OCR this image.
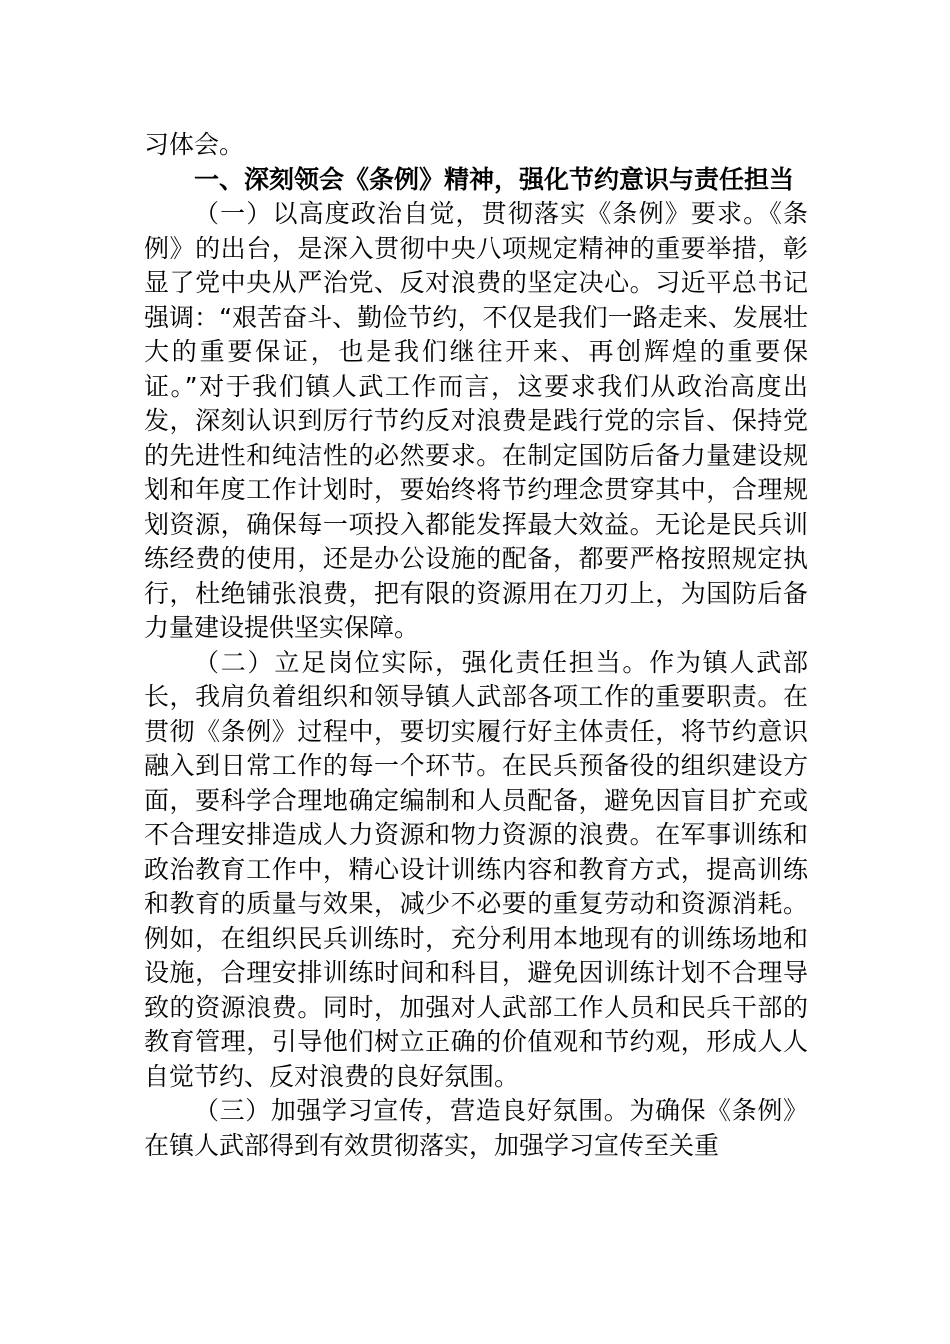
习体会。

一、深刻领会《条例》精神，强化节约意识与责任担当

（一）以高度政治自觉，贯彻落实《条例》要求。《条例》的出台，是深入贯彻中央八项规定精神的重要举措，彰显了党中央从严治党、反对浪费的坚定决心。习近平总书记强调：“艰苦奋斗、勤俭节约，不仅是我们一路走来、发展壮大的重要保证，也是我们继往开来、再创辉煌的重要保证。”对于我们镇人武工作而言，这要求我们从政治高度出发，深刻认识到厉行节约反对浪费是践行党的宗旨、保持党的先进性和纯洁性的必然要求。在制定国防后备力量建设规划和年度工作计划时，要始终将节约理念贯穿其中，合理规划资源，确保每一项投入都能发挥最大效益。无论是民兵训练经费的使用，还是办公设施的配备，都要严格按照规定执行，杜绝铺张浪费，把有限的资源用在刀刃上，为国防后备力量建设提供坚实保障。

（二）立足岗位实际，强化责任担当。作为镇人武部长，我肩负着组织和领导镇人武部各项工作的重要职责。在贯彻《条例》过程中，要切实履行好主体责任，将节约意识融入到日常工作的每一个环节。在民兵预备役的组织建设方面，要科学合理地确定编制和人员配备，避免因盲目扩充或不合理安排造成人力资源和物力资源的浪费。在军事训练和政治教育工作中，精心设计训练内容和教育方式，提高训练和教育的质量与效果，减少不必要的重复劳动和资源消耗。例如，在组织民兵训练时，充分利用本地现有的训练场地和设施，合理安排训练时间和科目，避免因训练计划不合理导致的资源浪费。同时，加强对人武部工作人员和民兵干部的教育管理，引导他们树立正确的价值观和节约观，形成人人自觉节约、反对浪费的良好氛围。

（三）加强学习宣传，营造良好氛围。为确保《条例》在镇人武部得到有效贯彻落实，加强学习宣传至关重
